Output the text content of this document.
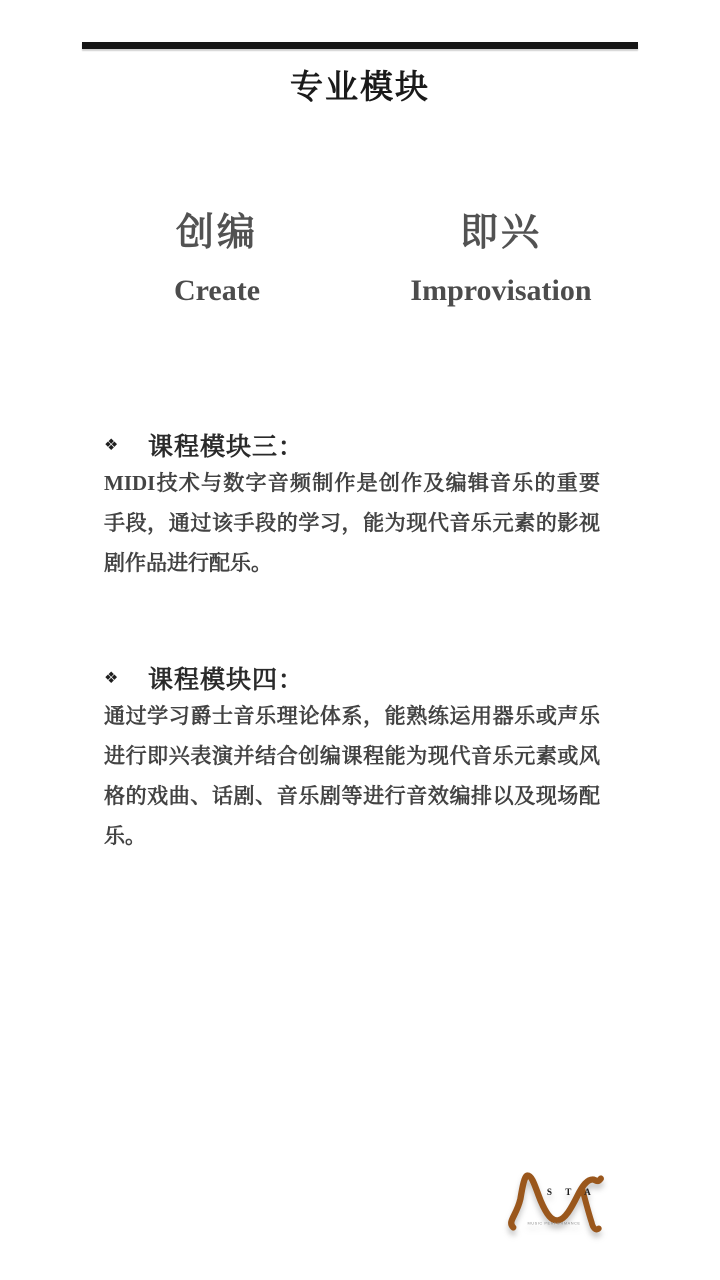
专业模块
创编
Create
即兴
Improvisation
❖ 课程模块三：
MIDI技术与数字音频制作是创作及编辑音乐的重要
手段，通过该手段的学习，能为现代音乐元素的影视
剧作品进行配乐。
❖ 课程模块四：
通过学习爵士音乐理论体系，能熟练运用器乐或声乐
进行即兴表演并结合创编课程能为现代音乐元素或风
格的戏曲、话剧、音乐剧等进行音效编排以及现场配
乐。
S T A
MUSIC PERFORMANCE
